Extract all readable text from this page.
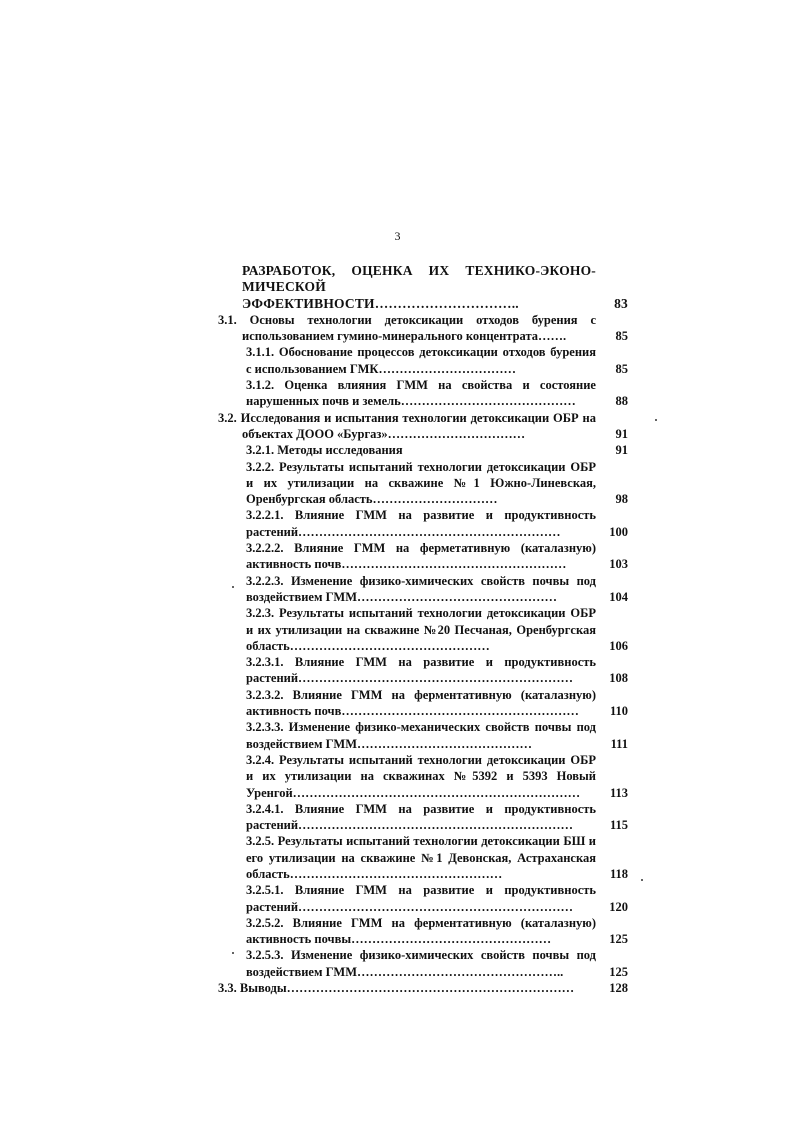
3
РАЗРАБОТОК, ОЦЕНКА ИХ ТЕХНИКО-ЭКОНО-МИЧЕСКОЙ ЭФФЕКТИВНОСТИ…………………………..	83
3.1. Основы технологии детоксикации отходов бурения с использованием гумино-минерального концентрата…….	85
3.1.1. Обоснование процессов детоксикации отходов бурения с использованием ГМК……………………………	85
3.1.2. Оценка влияния ГММ на свойства и состояние нарушенных почв и земель……………………………………	88
3.2. Исследования и испытания технологии детоксикации ОБР на объектах ДООО «Бургаз»……………………………	91
3.2.1. Методы исследования	91
3.2.2. Результаты испытаний технологии детоксикации ОБР и их утилизации на скважине №1 Южно-Линевская, Оренбургская область…………………………	98
3.2.2.1. Влияние ГММ на развитие и продуктивность растений………………………………………………………	100
3.2.2.2. Влияние ГММ на ферметативную (каталазную) активность почв………………………………………………	103
3.2.2.3. Изменение физико-химических свойств почвы под воздействием ГММ…………………………………………	104
3.2.3. Результаты испытаний технологии детоксикации ОБР и их утилизации на скважине №20 Песчаная, Оренбургская область…………………………………………	106
3.2.3.1. Влияние ГММ на развитие и продуктивность растений…………………………………………………………	108
3.2.3.2. Влияние ГММ на ферментативную (каталазную) активность почв…………………………………………………	110
3.2.3.3. Изменение физико-механических свойств почвы под воздействием ГММ……………………………………	111
3.2.4. Результаты испытаний технологии детоксикации ОБР и их утилизации на скважинах №5392 и 5393 Новый Уренгой……………………………………………………………	113
3.2.4.1. Влияние ГММ на развитие и продуктивность растений…………………………………………………………	115
3.2.5. Результаты испытаний технологии детоксикации БШ и его утилизации на скважине №1 Девонская, Астраханская область……………………………………………	118
3.2.5.1. Влияние ГММ на развитие и продуктивность растений…………………………………………………………	120
3.2.5.2. Влияние ГММ на ферментативную (каталазную) активность почвы…………………………………………	125
3.2.5.3. Изменение физико-химических свойств почвы под воздействием ГММ…………………………………………..	125
3.3. Выводы……………………………………………………………	128
